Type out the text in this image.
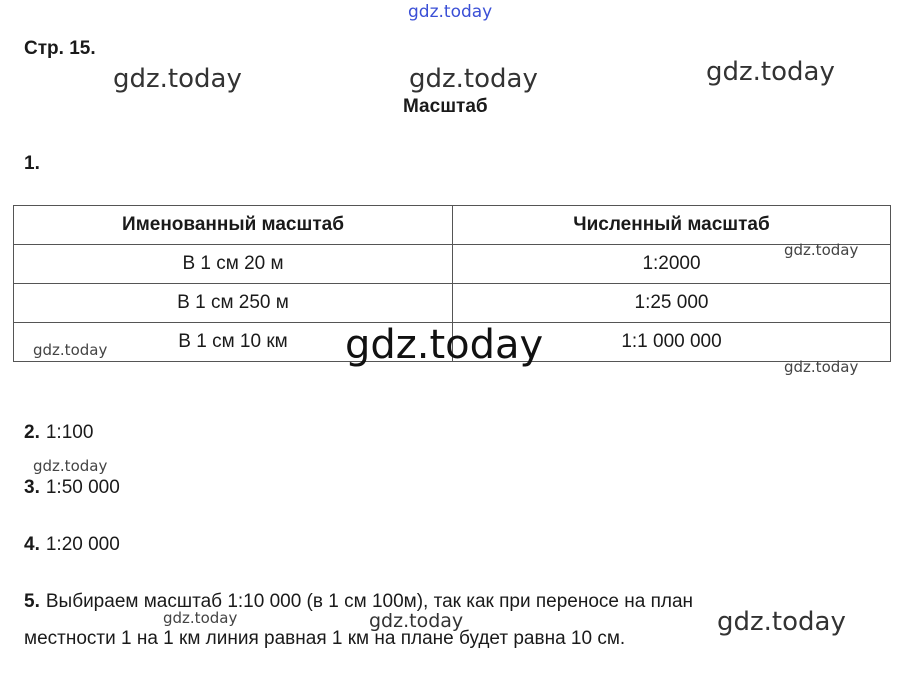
gdz.today
Стр. 15.
gdz.today	gdz.today	gdz.today
Масштаб
1.
Именованный масштаб	Численный масштаб
В 1 см 20 м	1:2000
В 1 см 250 м	1:25 000
В 1 см 10 км	1:1 000 000
gdz.today
gdz.today	gdz.today	gdz.today
2. 1:100
gdz.today
3. 1:50 000
4. 1:20 000
5. Выбираем масштаб 1:10 000 (в 1 см 100м), так как при переносе на план
gdz.today	gdz.today
местности 1 на 1 км линия равная 1 км на плане будет равна 10 см.
gdz.today
